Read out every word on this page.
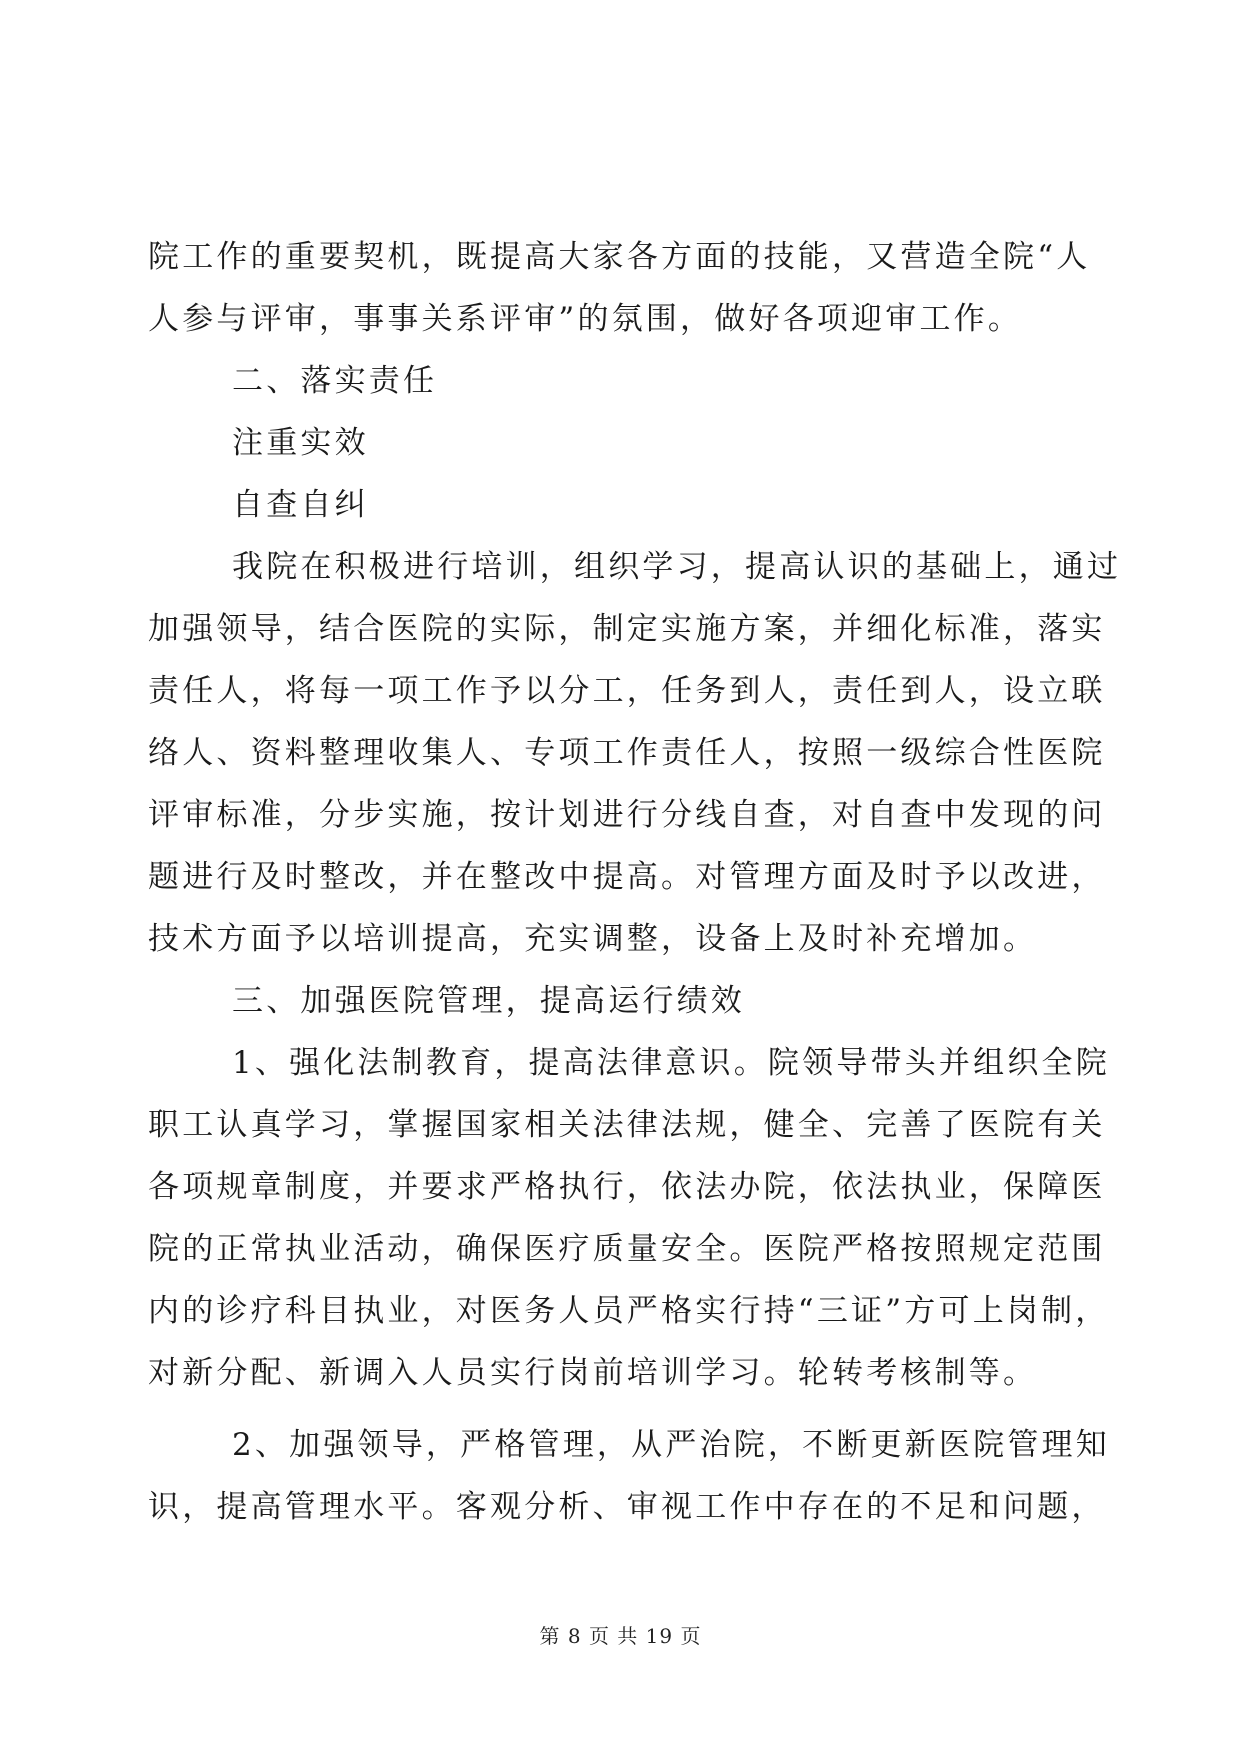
院工作的重要契机，既提高大家各方面的技能，又营造全院“人
人参与评审，事事关系评审”的氛围，做好各项迎审工作。
二、落实责任
注重实效
自查自纠
我院在积极进行培训，组织学习，提高认识的基础上，通过
加强领导，结合医院的实际，制定实施方案，并细化标准，落实
责任人，将每一项工作予以分工，任务到人，责任到人，设立联
络人、资料整理收集人、专项工作责任人，按照一级综合性医院
评审标准，分步实施，按计划进行分线自查，对自查中发现的问
题进行及时整改，并在整改中提高。对管理方面及时予以改进，
技术方面予以培训提高，充实调整，设备上及时补充增加。
三、加强医院管理，提高运行绩效
1、强化法制教育，提高法律意识。院领导带头并组织全院
职工认真学习，掌握国家相关法律法规，健全、完善了医院有关
各项规章制度，并要求严格执行，依法办院，依法执业，保障医
院的正常执业活动，确保医疗质量安全。医院严格按照规定范围
内的诊疗科目执业，对医务人员严格实行持“三证”方可上岗制，
对新分配、新调入人员实行岗前培训学习。轮转考核制等。
2、加强领导，严格管理，从严治院，不断更新医院管理知
识，提高管理水平。客观分析、审视工作中存在的不足和问题，
第 8 页 共 19 页
